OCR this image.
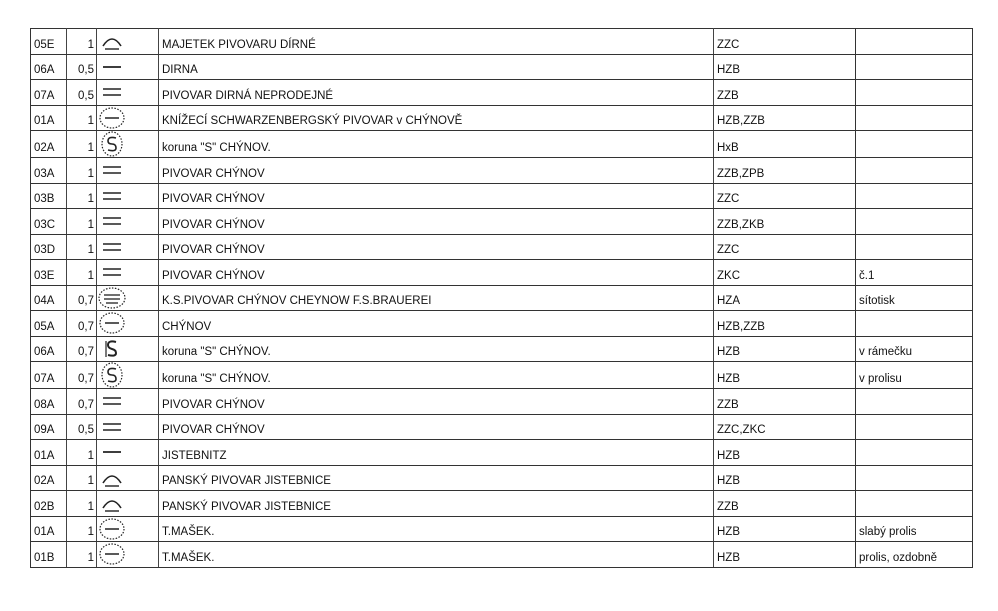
05E	1			MAJETEK PIVOVARU DÍRNÉ	ZZC	
06A	0,5			DIRNA	HZB	
07A	0,5			PIVOVAR DIRNÁ NEPRODEJNÉ	ZZB	
01A	1			KNÍŽECÍ SCHWARZENBERGSKÝ PIVOVAR v CHÝNOVĚ	HZB,ZZB	
02A	1			koruna "S" CHÝNOV.	HxB	
03A	1			PIVOVAR CHÝNOV	ZZB,ZPB	
03B	1			PIVOVAR CHÝNOV	ZZC	
03C	1			PIVOVAR CHÝNOV	ZZB,ZKB	
03D	1			PIVOVAR CHÝNOV	ZZC	
03E	1			PIVOVAR CHÝNOV	ZKC	č.1
04A	0,7			K.S.PIVOVAR CHÝNOV CHEYNOW F.S.BRAUEREI	HZA	sítotisk
05A	0,7			CHÝNOV	HZB,ZZB	
06A	0,7			koruna "S" CHÝNOV.	HZB	v rámečku
07A	0,7			koruna "S" CHÝNOV.	HZB	v prolisu
08A	0,7			PIVOVAR CHÝNOV	ZZB	
09A	0,5			PIVOVAR CHÝNOV	ZZC,ZKC	
01A	1			JISTEBNITZ	HZB	
02A	1			PANSKÝ PIVOVAR JISTEBNICE	HZB	
02B	1			PANSKÝ PIVOVAR JISTEBNICE	ZZB	
01A	1			T.MAŠEK.	HZB	slabý prolis
01B	1			T.MAŠEK.	HZB	prolis, ozdobně
